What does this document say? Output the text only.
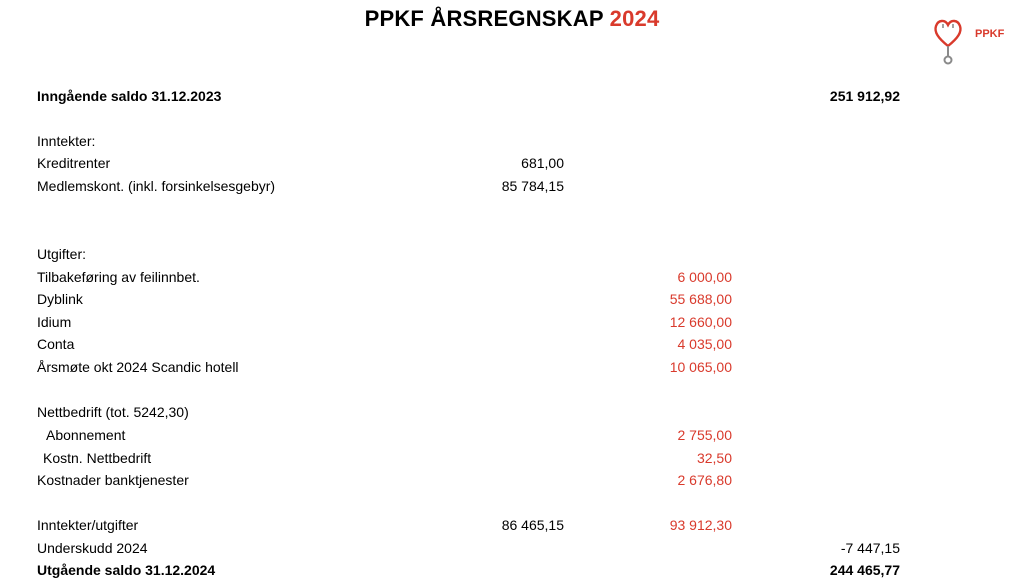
PPKF ÅRSREGNSKAP 2024
PPKF
Inngående saldo 31.12.2023	251 912,92
Inntekter:
Kreditrenter	681,00
Medlemskont. (inkl. forsinkelsesgebyr)	85 784,15
Utgifter:
Tilbakeføring av feilinnbet.	6 000,00
Dyblink	55 688,00
Idium	12 660,00
Conta	4 035,00
Årsmøte okt 2024 Scandic hotell	10 065,00
Nettbedrift (tot. 5242,30)
Abonnement	2 755,00
Kostn. Nettbedrift	32,50
Kostnader banktjenester	2 676,80
Inntekter/utgifter	86 465,15	93 912,30
Underskudd 2024	-7 447,15
Utgående saldo 31.12.2024	244 465,77
